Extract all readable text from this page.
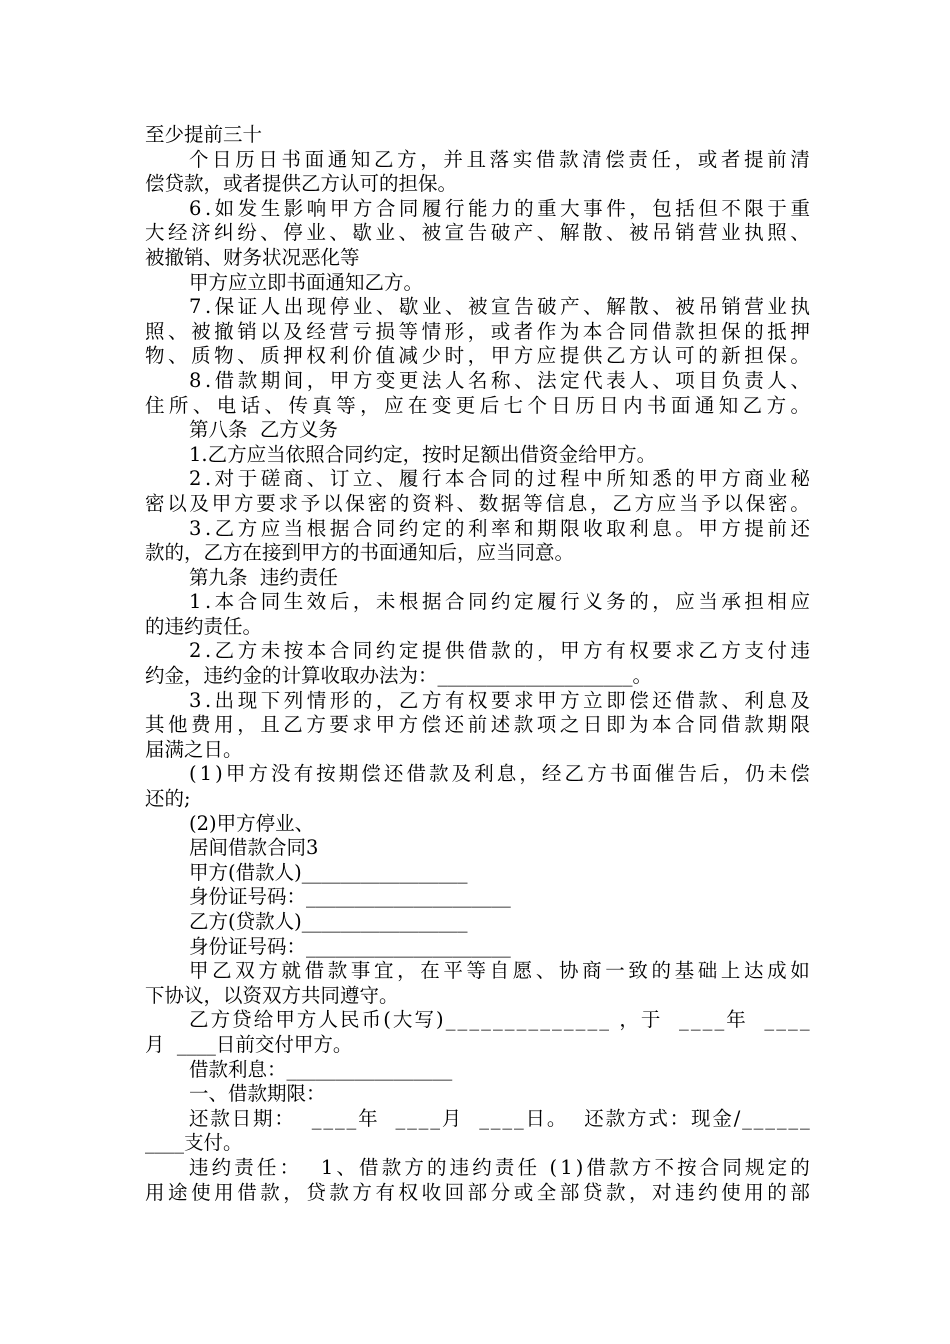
至少提前三十
个 日 历 日 书 面 通 知 乙 方 ， 并 且 落 实 借 款 清 偿 责 任 ， 或 者 提 前 清
偿贷款，或者提供乙方认可的担保。
6 . 如 发 生 影 响 甲 方 合 同 履 行 能 力 的 重 大 事 件 ， 包 括 但 不 限 于 重
大 经 济 纠 纷 、 停 业 、 歇 业 、 被 宣 告 破 产 、 解 散 、 被 吊 销 营 业 执 照 、
被撤销、财务状况恶化等
甲方应立即书面通知乙方。
7 . 保 证 人 出 现 停 业 、 歇 业 、 被 宣 告 破 产 、 解 散 、 被 吊 销 营 业 执
照 、 被 撤 销 以 及 经 营 亏 损 等 情 形 ， 或 者 作 为 本 合 同 借 款 担 保 的 抵 押
物 、 质 物 、 质 押 权 利 价 值 减 少 时 ， 甲 方 应 提 供 乙 方 认 可 的 新 担 保 。
8 . 借 款 期 间 ， 甲 方 变 更 法 人 名 称 、 法 定 代 表 人 、 项 目 负 责 人 、
住 所 、 电 话 、 传 真 等 ， 应 在 变 更 后 七 个 日 历 日 内 书 面 通 知 乙 方 。
第八条  乙方义务
1.乙方应当依照合同约定，按时足额出借资金给甲方。
2 . 对 于 磋 商 、 订 立 、 履 行 本 合 同 的 过 程 中 所 知 悉 的 甲 方 商 业 秘
密 以 及 甲 方 要 求 予 以 保 密 的 资 料 、 数 据 等 信 息 ， 乙 方 应 当 予 以 保 密 。
3 . 乙 方 应 当 根 据 合 同 约 定 的 利 率 和 期 限 收 取 利 息 。 甲 方 提 前 还
款的，乙方在接到甲方的书面通知后，应当同意。
第九条  违约责任
1 . 本 合 同 生 效 后 ， 未 根 据 合 同 约 定 履 行 义 务 的 ， 应 当 承 担 相 应
的违约责任。
2 . 乙 方 未 按 本 合 同 约 定 提 供 借 款 的 ， 甲 方 有 权 要 求 乙 方 支 付 违
约金，违约金的计算收取办法为：____________________。
3 . 出 现 下 列 情 形 的 ， 乙 方 有 权 要 求 甲 方 立 即 偿 还 借 款 、 利 息 及
其 他 费 用 ， 且 乙 方 要 求 甲 方 偿 还 前 述 款 项 之 日 即 为 本 合 同 借 款 期 限
届满之日。
( 1 ) 甲 方 没 有 按 期 偿 还 借 款 及 利 息 ， 经 乙 方 书 面 催 告 后 ， 仍 未 偿
还的;
(2)甲方停业、
居间借款合同3
甲方(借款人)_________________
身份证号码：_____________________
乙方(贷款人)_________________
身份证号码：_____________________
甲 乙 双 方 就 借 款 事 宜 ， 在 平 等 自 愿 、 协 商 一 致 的 基 础 上 达 成 如
下协议，以资双方共同遵守。
乙 方 贷 给 甲 方 人 民 币 ( 大 写 ) _ _ _ _ _ _ _ _ _ _ _ _ _ _
， 于

_ _ _ _ 年

_ _ _ _
月  ____日前交付甲方。
借款利息：_________________
一、借款期限：
还 款 日 期 ：

_ _ _ _ 年

_ _ _ _ 月

_ _ _ _ 日 。

还 款 方 式 ： 现 金 / _ _ _ _ _ _
____支付。
违 约 责 任 ：

1 、 借 款 方 的 违 约 责 任
( 1 ) 借 款 方 不 按 合 同 规 定 的
用 途 使 用 借 款 ， 贷 款 方 有 权 收 回 部 分 或 全 部 贷 款 ， 对 违 约 使 用 的 部
